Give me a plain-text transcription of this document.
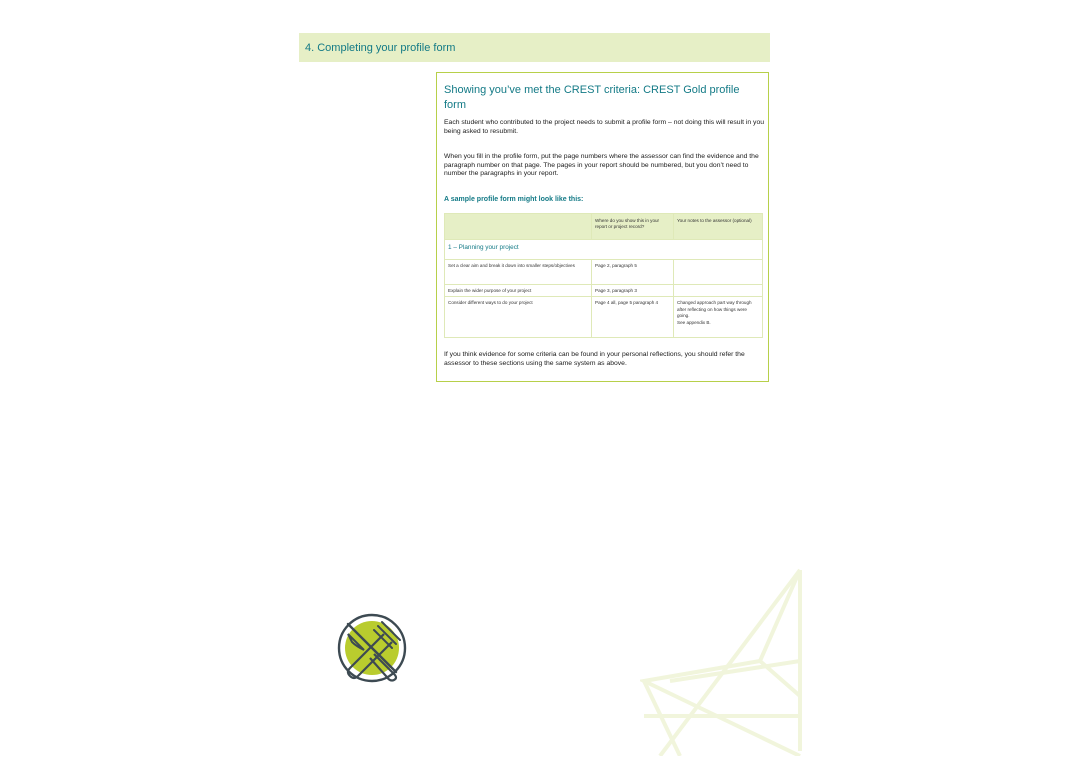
4. Completing your profile form
Showing you’ve met the CREST criteria: CREST Gold profile form
Each student who contributed to the project needs to submit a profile form – not doing this will result in you being asked to resubmit.
When you fill in the profile form, put the page numbers where the assessor can find the evidence and the paragraph number on that page. The pages in your report should be numbered, but you don’t need to number the paragraphs in your report.
A sample profile form might look like this:
	Where do you show this in your report or project record?	Your notes to the assessor (optional)
1 – Planning your project		
Set a clear aim and break it down into smaller steps/objectives	Page 2, paragraph 5	
Explain the wider purpose of your project	Page 3, paragraph 3	
Consider different ways to do your project	Page 4 all, page 5 paragraph 4	Changed approach part way through after reflecting on how things were going.
See appendix B.
If you think evidence for some criteria can be found in your personal reflections, you should refer the assessor to these sections using the same system as above.
